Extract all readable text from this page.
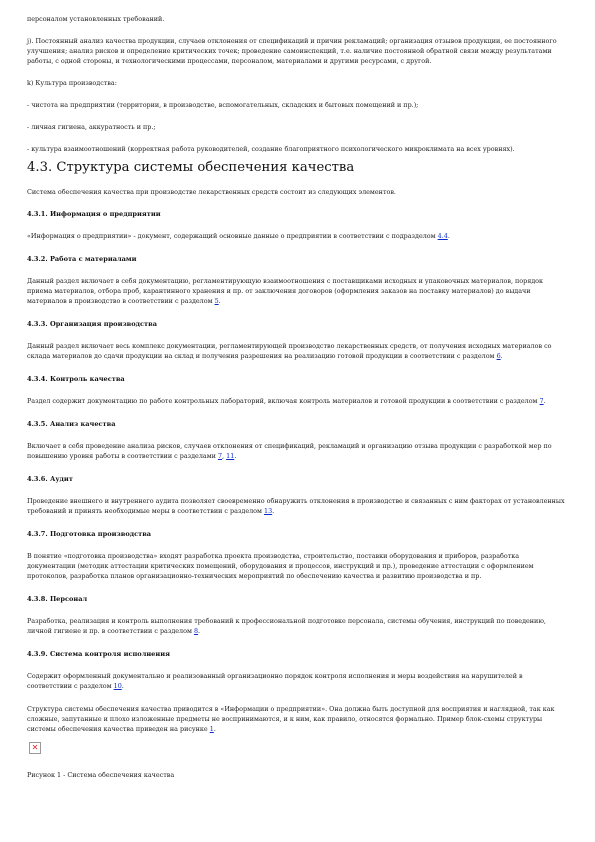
персоналом установленных требований.

j). Постоянный анализ качества продукции, случаев отклонения от спецификаций и причин рекламаций; организация отзывов продукции, ее постоянного улучшения; анализ рисков и определение критических точек; проведение самоинспекций, т.е. наличие постоянной обратной связи между результатами работы, с одной стороны, и технологическими процессами, персоналом, материалами и другими ресурсами, с другой.

k) Культура производства:

- чистота на предприятии (территории, в производстве, вспомогательных, складских и бытовых помещений и пр.);

- личная гигиена, аккуратность и пр.;

- культура взаимоотношений (корректная работа руководителей, создание благоприятного психологического микроклимата на всех уровнях).

4.3. Структура системы обеспечения качества

Система обеспечения качества при производстве лекарственных средств состоит из следующих элементов.

4.3.1. Информация о предприятии

«Информация о предприятии» - документ, содержащий основные данные о предприятии в соответствии с подразделом 4.4.

4.3.2. Работа с материалами

Данный раздел включает в себя документацию, регламентирующую взаимоотношения с поставщиками исходных и упаковочных материалов, порядок приема материалов, отбора проб, карантинного хранения и пр. от заключения договоров (оформления заказов на поставку материалов) до выдачи материалов в производство в соответствии с разделом 5.

4.3.3. Организация производства

Данный раздел включает весь комплекс документации, регламентирующей производство лекарственных средств, от получения исходных материалов со склада материалов до сдачи продукции на склад и получения разрешения на реализацию готовой продукции в соответствии с разделом 6.

4.3.4. Контроль качества

Раздел содержит документацию по работе контрольных лабораторий, включая контроль материалов и готовой продукции в соответствии с разделом 7.

4.3.5. Анализ качества

Включает в себя проведение анализа рисков, случаев отклонения от спецификаций, рекламаций и организацию отзыва продукции с разработкой мер по повышению уровня работы в соответствии с разделами 7, 11.

4.3.6. Аудит

Проведение внешнего и внутреннего аудита позволяет своевременно обнаружить отклонения в производстве и связанных с ним факторах от установленных требований и принять необходимые меры в соответствии с разделом 13.

4.3.7. Подготовка производства

В понятие «подготовка производства» входят разработка проекта производства, строительство, поставки оборудования и приборов, разработка документации (методик аттестации критических помещений, оборудования и процессов, инструкций и пр.), проведение аттестации с оформлением протоколов, разработка планов организационно-технических мероприятий по обеспечению качества и развитию производства и пр.

4.3.8. Персонал

Разработка, реализация и контроль выполнения требований к профессиональной подготовке персонала, системы обучения, инструкций по поведению, личной гигиене и пр. в соответствии с разделом 8.

4.3.9. Система контроля исполнения

Содержит оформленный документально и реализованный организационно порядок контроля исполнения и меры воздействия на нарушителей в соответствии с разделом 10.

Структура системы обеспечения качества приводится в «Информации о предприятии». Она должна быть доступной для восприятия и наглядной, так как сложные, запутанные и плохо изложенные предметы не воспринимаются, и к ним, как правило, относятся формально. Пример блок-схемы структуры системы обеспечения качества приведен на рисунке 1.

✕

Рисунок 1 - Система обеспечения качества
